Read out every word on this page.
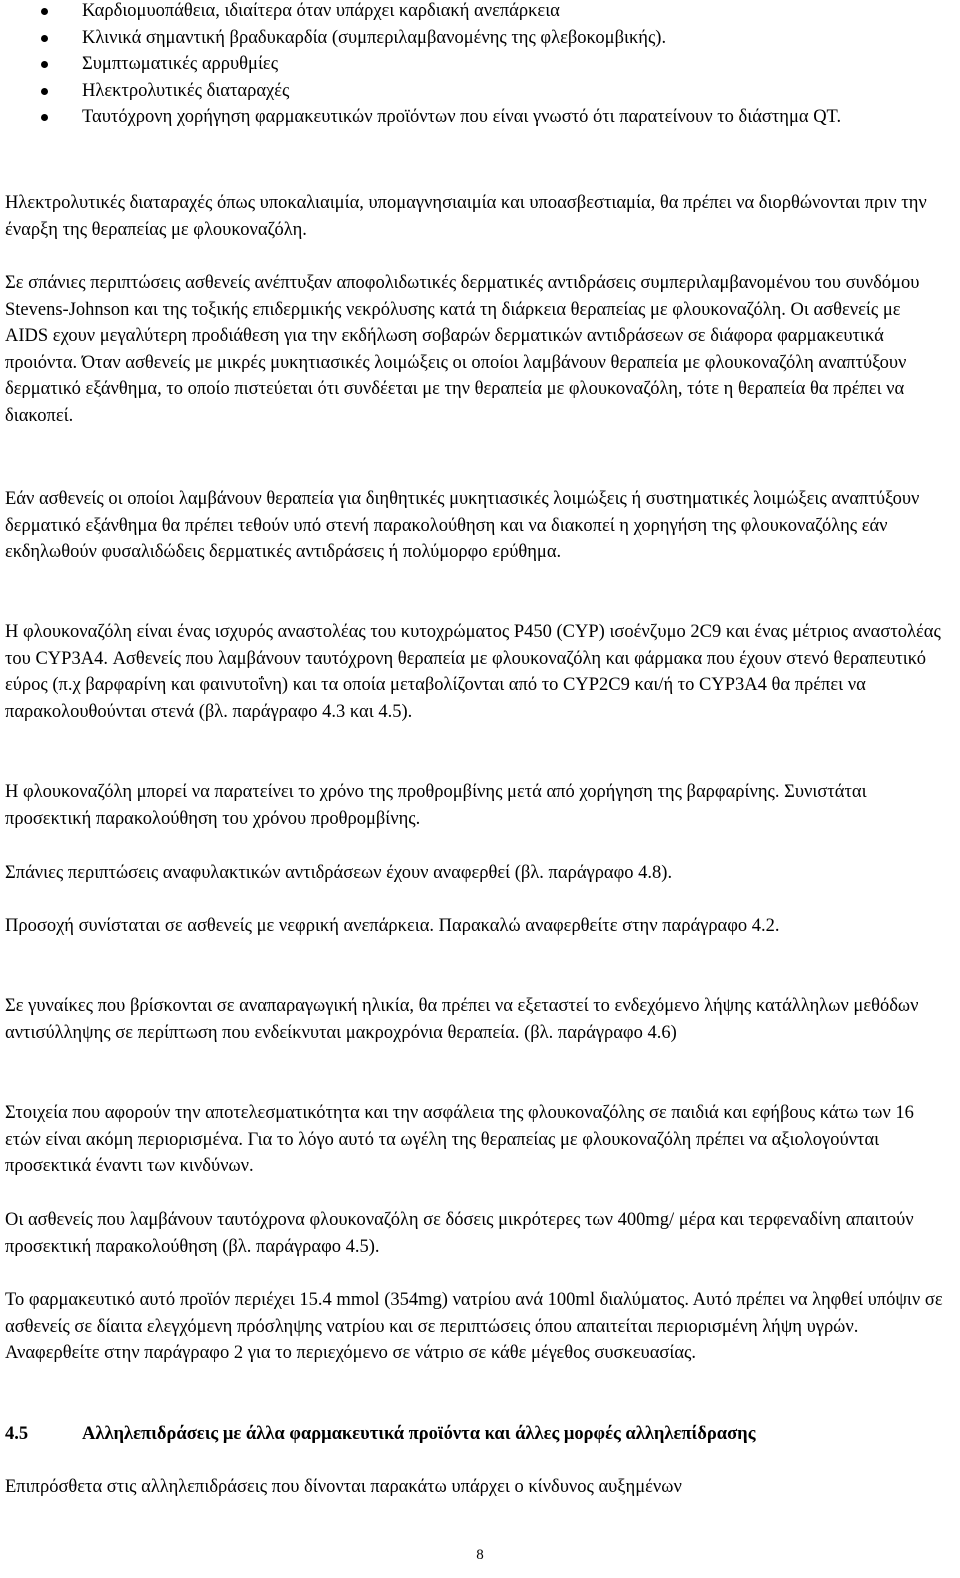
Καρδιομυοπάθεια, ιδιαίτερα όταν υπάρχει καρδιακή ανεπάρκεια
Κλινικά σημαντική βραδυκαρδία (συμπεριλαμβανομένης της φλεβοκομβικής).
Συμπτωματικές αρρυθμίες
Ηλεκτρολυτικές διαταραχές
Ταυτόχρονη χορήγηση φαρμακευτικών προϊόντων που είναι γνωστό ότι παρατείνουν το διάστημα QT.

Ηλεκτρολυτικές διαταραχές όπως υποκαλιαιμία, υπομαγνησιαιμία και υποασβεστιαμία, θα πρέπει να διορθώνονται πριν την έναρξη της θεραπείας με φλουκοναζόλη.

Σε σπάνιες περιπτώσεις ασθενείς ανέπτυξαν αποφολιδωτικές δερματικές αντιδράσεις συμπεριλαμβανομένου του συνδόμου Stevens-Johnson και της τοξικής επιδερμικής νεκρόλυσης κατά τη διάρκεια θεραπείας με φλουκοναζόλη. Οι ασθενείς με AIDS εχουν μεγαλύτερη προδιάθεση για την εκδήλωση σοβαρών δερματικών αντιδράσεων σε διάφορα φαρμακευτικά προιόντα. Όταν ασθενείς με μικρές μυκητιασικές λοιμώξεις οι οποίοι λαμβάνουν θεραπεία με φλουκοναζόλη αναπτύξουν δερματικό εξάνθημα, το οποίο πιστεύεται ότι συνδέεται με την θεραπεία με φλουκοναζόλη, τότε η θεραπεία θα πρέπει να διακοπεί.

Εάν ασθενείς οι οποίοι λαμβάνουν θεραπεία για διηθητικές μυκητιασικές λοιμώξεις ή συστηματικές λοιμώξεις αναπτύξουν δερματικό εξάνθημα θα πρέπει τεθούν υπό στενή παρακολούθηση και να διακοπεί η χορηγήση της φλουκοναζόλης εάν εκδηλωθούν φυσαλιδώδεις δερματικές αντιδράσεις ή πολύμορφο ερύθημα.

Η φλουκοναζόλη είναι ένας ισχυρός αναστολέας του κυτοχρώματος P450 (CYP) ισοένζυμο 2C9 και ένας μέτριος αναστολέας του CYP3A4. Ασθενείς που λαμβάνουν ταυτόχρονη θεραπεία με φλουκοναζόλη και φάρμακα που έχουν στενό θεραπευτικό εύρος (π.χ βαρφαρίνη και φαινυτοΐνη) και τα οποία μεταβολίζονται από το CYP2C9 και/ή το CYP3A4 θα πρέπει να παρακολουθούνται στενά (βλ. παράγραφο 4.3 και 4.5).

Η φλουκοναζόλη μπορεί να παρατείνει το χρόνο της προθρομβίνης μετά από χορήγηση της βαρφαρίνης. Συνιστάται προσεκτική παρακολούθηση του χρόνου προθρομβίνης.

Σπάνιες περιπτώσεις αναφυλακτικών αντιδράσεων έχουν αναφερθεί (βλ. παράγραφο 4.8).

Προσοχή συνίσταται σε ασθενείς με νεφρική ανεπάρκεια. Παρακαλώ αναφερθείτε στην παράγραφο 4.2.

Σε γυναίκες που βρίσκονται σε αναπαραγωγική ηλικία, θα πρέπει να εξεταστεί το ενδεχόμενο λήψης κατάλληλων μεθόδων αντισύλληψης σε περίπτωση που ενδείκνυται μακροχρόνια θεραπεία. (βλ. παράγραφο 4.6)

Στοιχεία που αφορούν την αποτελεσματικότητα και την ασφάλεια της φλουκοναζόλης σε παιδιά και εφήβους κάτω των 16 ετών είναι ακόμη περιορισμένα. Για το λόγο αυτό τα ωγέλη της θεραπείας με φλουκοναζόλη πρέπει να αξιολογούνται προσεκτικά έναντι των κινδύνων.

Οι ασθενείς που λαμβάνουν ταυτόχρονα φλουκοναζόλη σε δόσεις μικρότερες των 400mg/ μέρα και τερφεναδίνη απαιτούν προσεκτική παρακολούθηση (βλ. παράγραφο 4.5).

Το φαρμακευτικό αυτό προϊόν περιέχει 15.4 mmol (354mg) νατρίου ανά 100ml διαλύματος. Αυτό πρέπει να ληφθεί υπόψιν σε ασθενείς σε δίαιτα ελεγχόμενη πρόσληψης νατρίου και σε περιπτώσεις όπου απαιτείται περιορισμένη λήψη υγρών. Αναφερθείτε στην παράγραφο 2 για το περιεχόμενο σε νάτριο σε κάθε μέγεθος συσκευασίας.

4.5	Αλληλεπιδράσεις με άλλα φαρμακευτικά προϊόντα και άλλες μορφές αλληλεπίδρασης

Επιπρόσθετα στις αλληλεπιδράσεις που δίνονται παρακάτω υπάρχει ο κίνδυνος αυξημένων

8
